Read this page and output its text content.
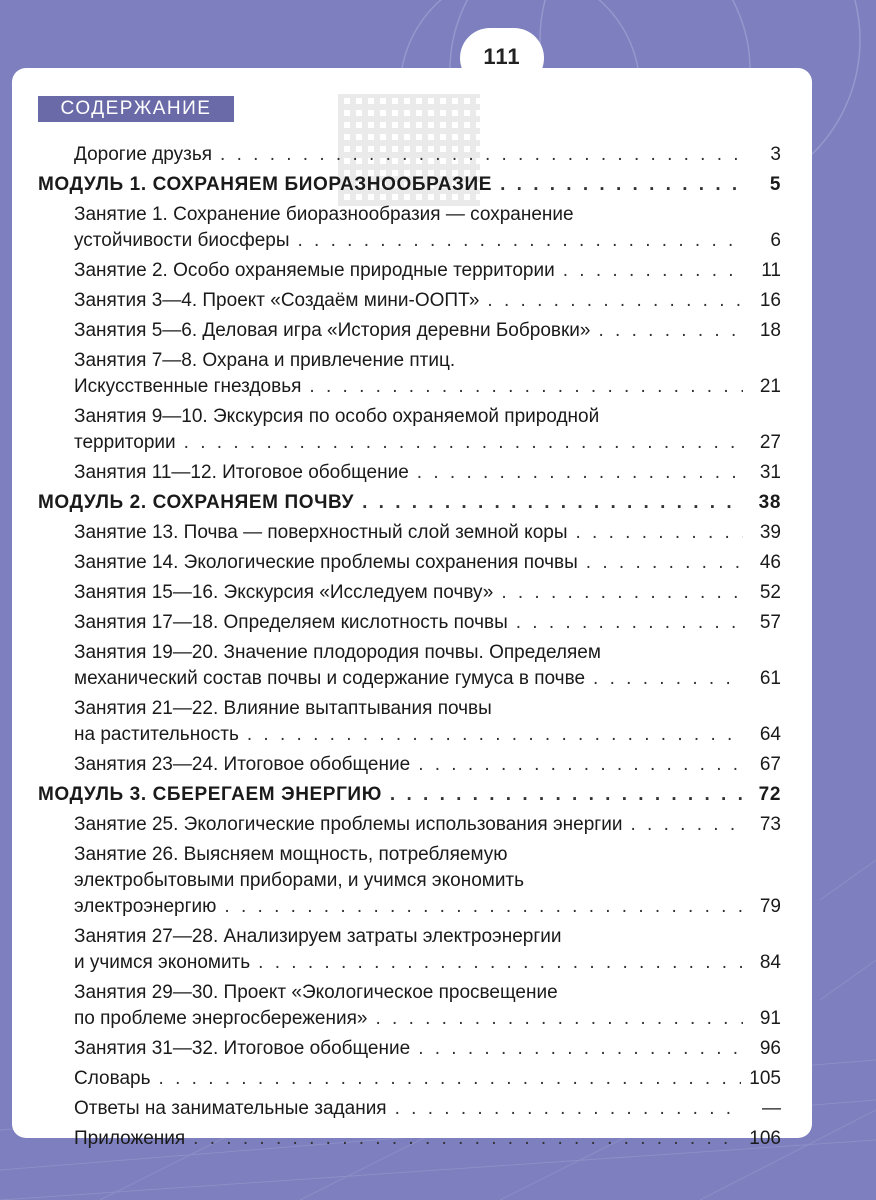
111
СОДЕРЖАНИЕ
Дорогие друзья . . .	3
МОДУЛЬ 1. СОХРАНЯЕМ БИОРАЗНООБРАЗИЕ . . .	5
Занятие 1. Сохранение биоразнообразия — сохранение
устойчивости биосферы . . .	6
Занятие 2. Особо охраняемые природные территории . . .	11
Занятия 3—4. Проект «Создаём мини-ООПТ» . . .	16
Занятия 5—6. Деловая игра «История деревни Бобровки» . . .	18
Занятия 7—8. Охрана и привлечение птиц.
Искусственные гнездовья . . .	21
Занятия 9—10. Экскурсия по особо охраняемой природной
территории . . .	27
Занятия 11—12. Итоговое обобщение . . .	31
МОДУЛЬ 2. СОХРАНЯЕМ ПОЧВУ . . .	38
Занятие 13. Почва — поверхностный слой земной коры . . .	39
Занятие 14. Экологические проблемы сохранения почвы . . .	46
Занятия 15—16. Экскурсия «Исследуем почву» . . .	52
Занятия 17—18. Определяем кислотность почвы . . .	57
Занятия 19—20. Значение плодородия почвы. Определяем
механический состав почвы и содержание гумуса в почве . . .	61
Занятия 21—22. Влияние вытаптывания почвы
на растительность . . .	64
Занятия 23—24. Итоговое обобщение . . .	67
МОДУЛЬ 3. СБЕРЕГАЕМ ЭНЕРГИЮ . . .	72
Занятие 25. Экологические проблемы использования энергии . . .	73
Занятие 26. Выясняем мощность, потребляемую
электробытовыми приборами, и учимся экономить
электроэнергию . . .	79
Занятия 27—28. Анализируем затраты электроэнергии
и учимся экономить . . .	84
Занятия 29—30. Проект «Экологическое просвещение
по проблеме энергосбережения» . . .	91
Занятия 31—32. Итоговое обобщение . . .	96
Словарь . . .	105
Ответы на занимательные задания . . .	—
Приложения . . .	106
